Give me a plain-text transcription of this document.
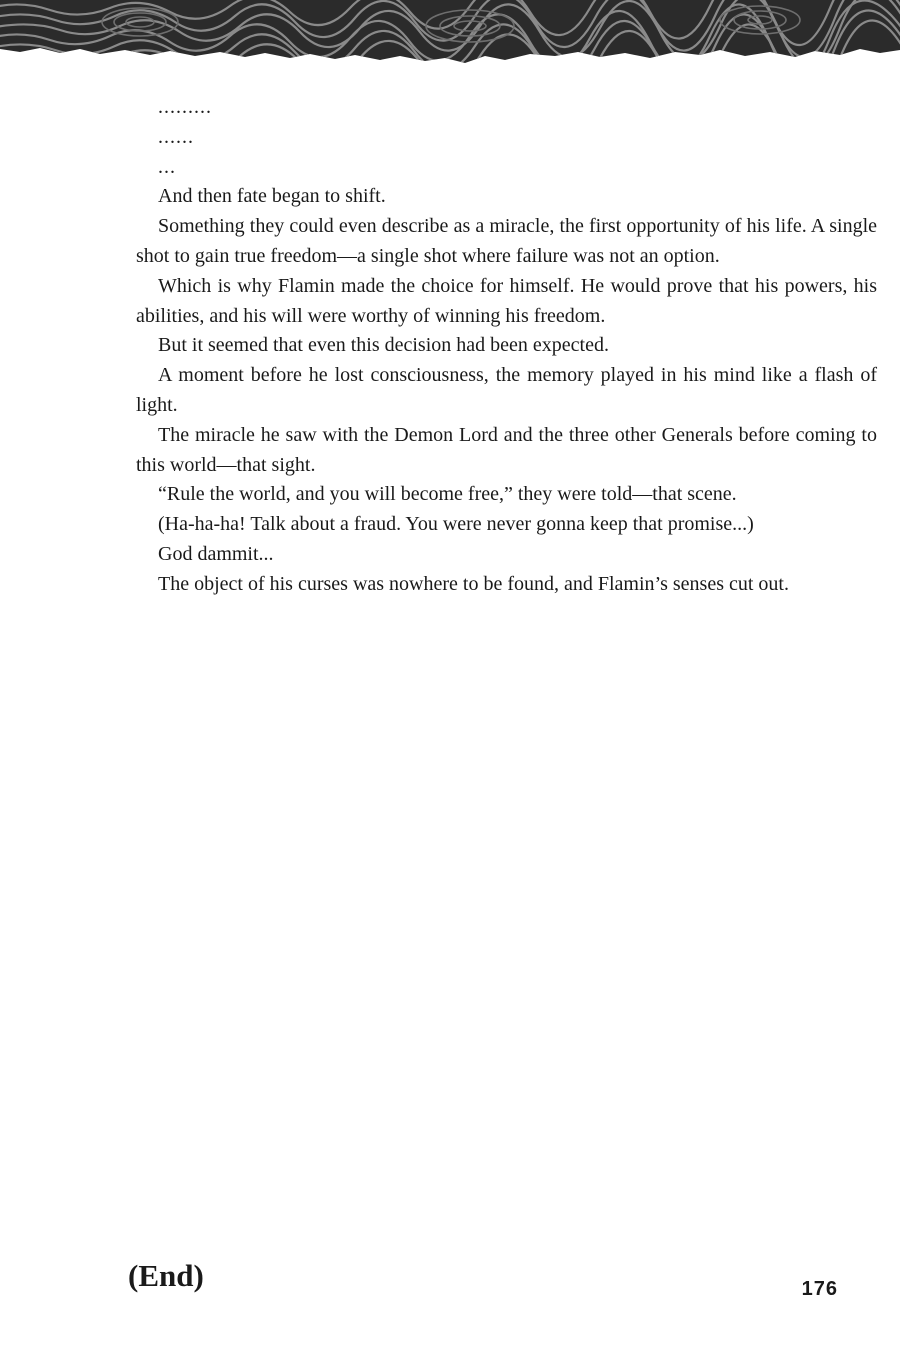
.........

......

...

And then fate began to shift.

Something they could even describe as a miracle, the first opportunity of his life. A single shot to gain true freedom—a single shot where failure was not an option.

Which is why Flamin made the choice for himself. He would prove that his powers, his abilities, and his will were worthy of winning his freedom.

But it seemed that even this decision had been expected.

A moment before he lost consciousness, the memory played in his mind like a flash of light.

The miracle he saw with the Demon Lord and the three other Generals before coming to this world—that sight.

“Rule the world, and you will become free,” they were told—that scene.

(Ha-ha-ha! Talk about a fraud. You were never gonna keep that promise...)

God dammit...

The object of his curses was nowhere to be found, and Flamin’s senses cut out.

(End)	176
